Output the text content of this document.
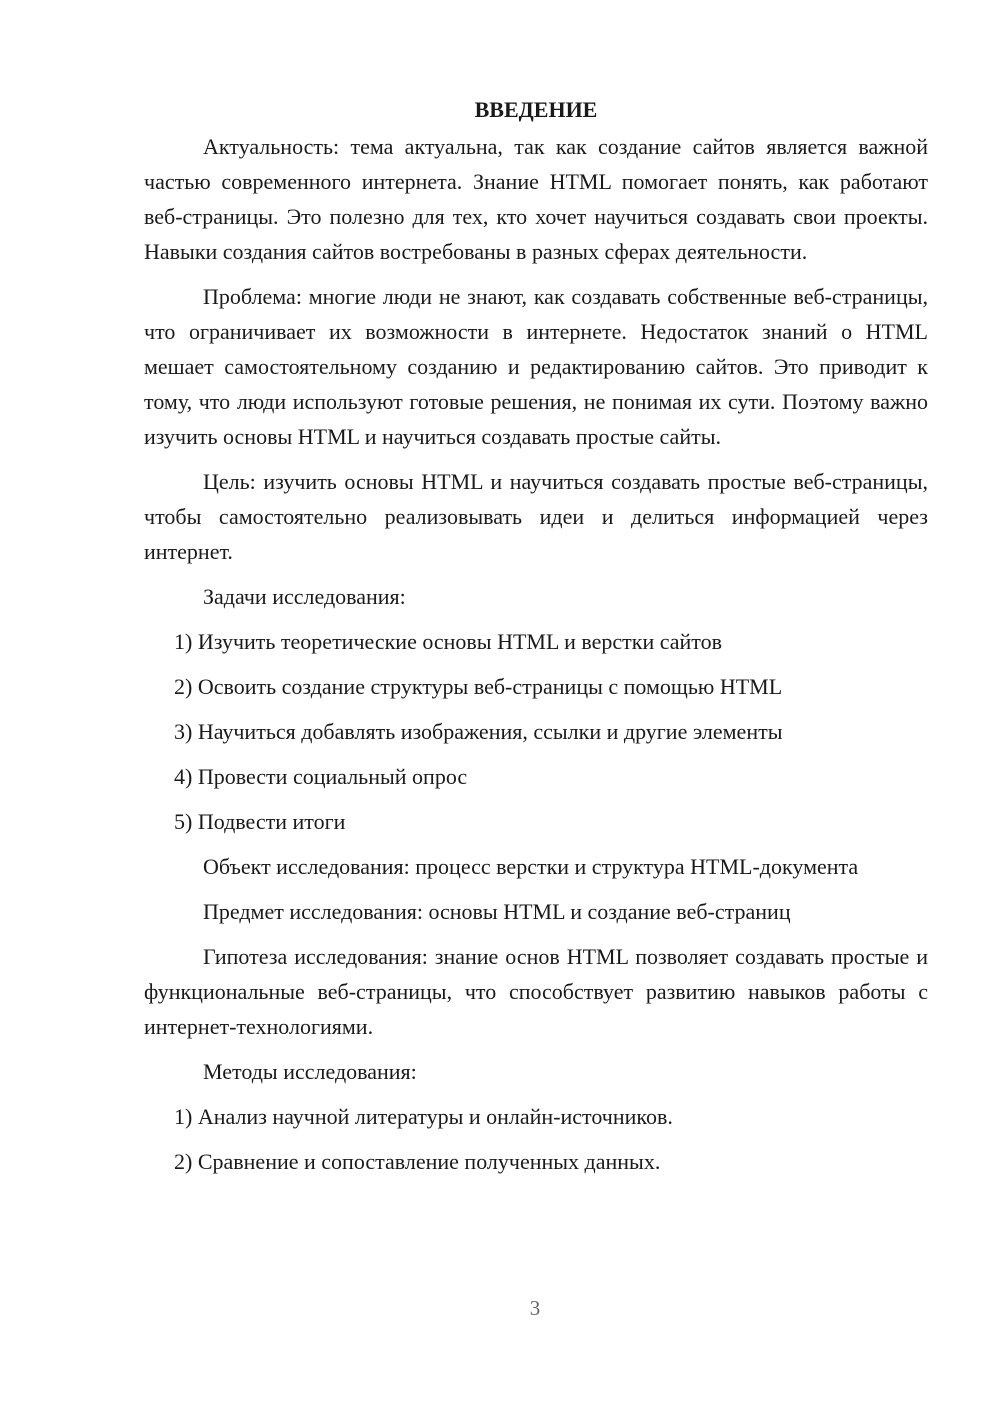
ВВЕДЕНИЕ

Актуальность: тема актуальна, так как создание сайтов является важной частью современного интернета. Знание HTML помогает понять, как работают веб-страницы. Это полезно для тех, кто хочет научиться создавать свои проекты. Навыки создания сайтов востребованы в разных сферах деятельности.

Проблема: многие люди не знают, как создавать собственные веб-страницы, что ограничивает их возможности в интернете. Недостаток знаний о HTML мешает самостоятельному созданию и редактированию сайтов. Это приводит к тому, что люди используют готовые решения, не понимая их сути. Поэтому важно изучить основы HTML и научиться создавать простые сайты.

Цель: изучить основы HTML и научиться создавать простые веб-страницы, чтобы самостоятельно реализовывать идеи и делиться информацией через интернет.

Задачи исследования:
1) Изучить теоретические основы HTML и верстки сайтов
2) Освоить создание структуры веб-страницы с помощью HTML
3) Научиться добавлять изображения, ссылки и другие элементы
4) Провести социальный опрос
5) Подвести итоги

Объект исследования: процесс верстки и структура HTML-документа

Предмет исследования: основы HTML и создание веб-страниц

Гипотеза исследования: знание основ HTML позволяет создавать простые и функциональные веб-страницы, что способствует развитию навыков работы с интернет-технологиями.

Методы исследования:
1) Анализ научной литературы и онлайн-источников.
2) Сравнение и сопоставление полученных данных.
3
